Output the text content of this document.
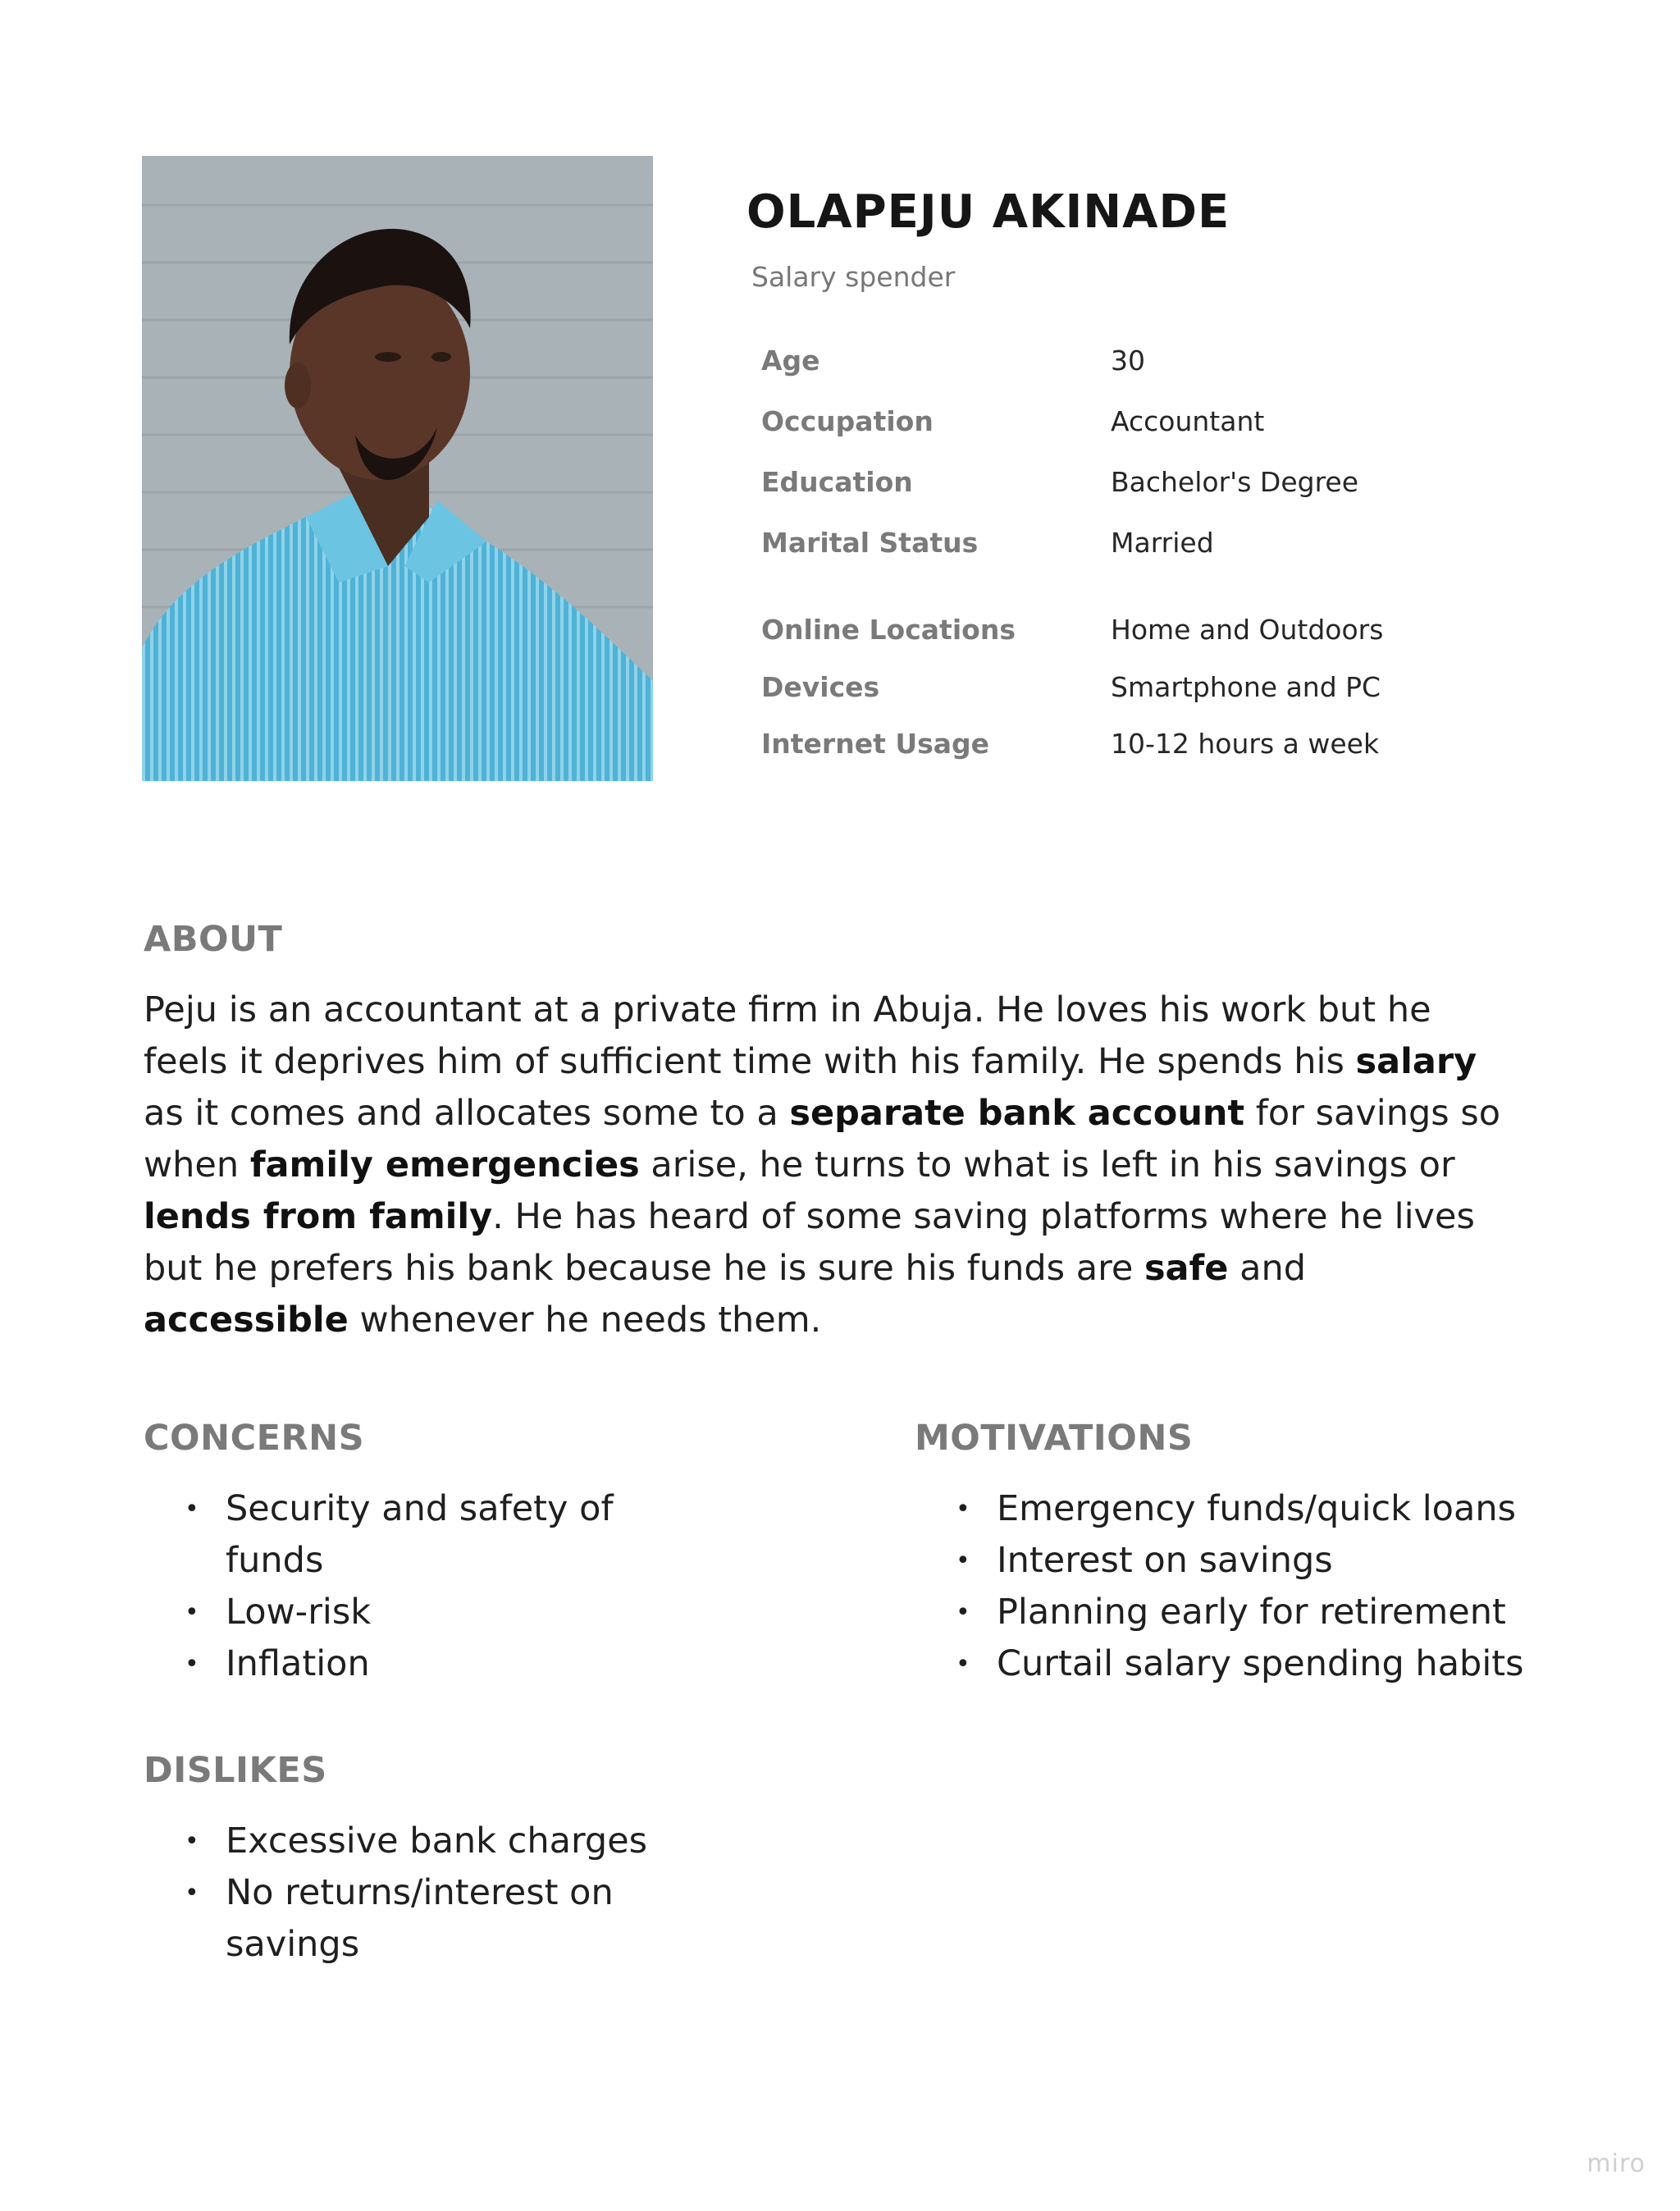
OLAPEJU AKINADE
Salary spender
Age	30
Occupation	Accountant
Education	Bachelor's Degree
Marital Status	Married
Online Locations	Home and Outdoors
Devices	Smartphone and PC
Internet Usage	10-12 hours a week
ABOUT

Peju is an accountant at a private firm in Abuja. He loves his work but he feels it deprives him of sufficient time with his family. He spends his salary as it comes and allocates some to a separate bank account for savings so when family emergencies arise, he turns to what is left in his savings or lends from family. He has heard of some saving platforms where he lives but he prefers his bank because he is sure his funds are safe and accessible whenever he needs them.

CONCERNS
• Security and safety of funds
• Low-risk
• Inflation
MOTIVATIONS
• Emergency funds/quick loans
• Interest on savings
• Planning early for retirement
• Curtail salary spending habits
DISLIKES
• Excessive bank charges
• No returns/interest on savings
miro
